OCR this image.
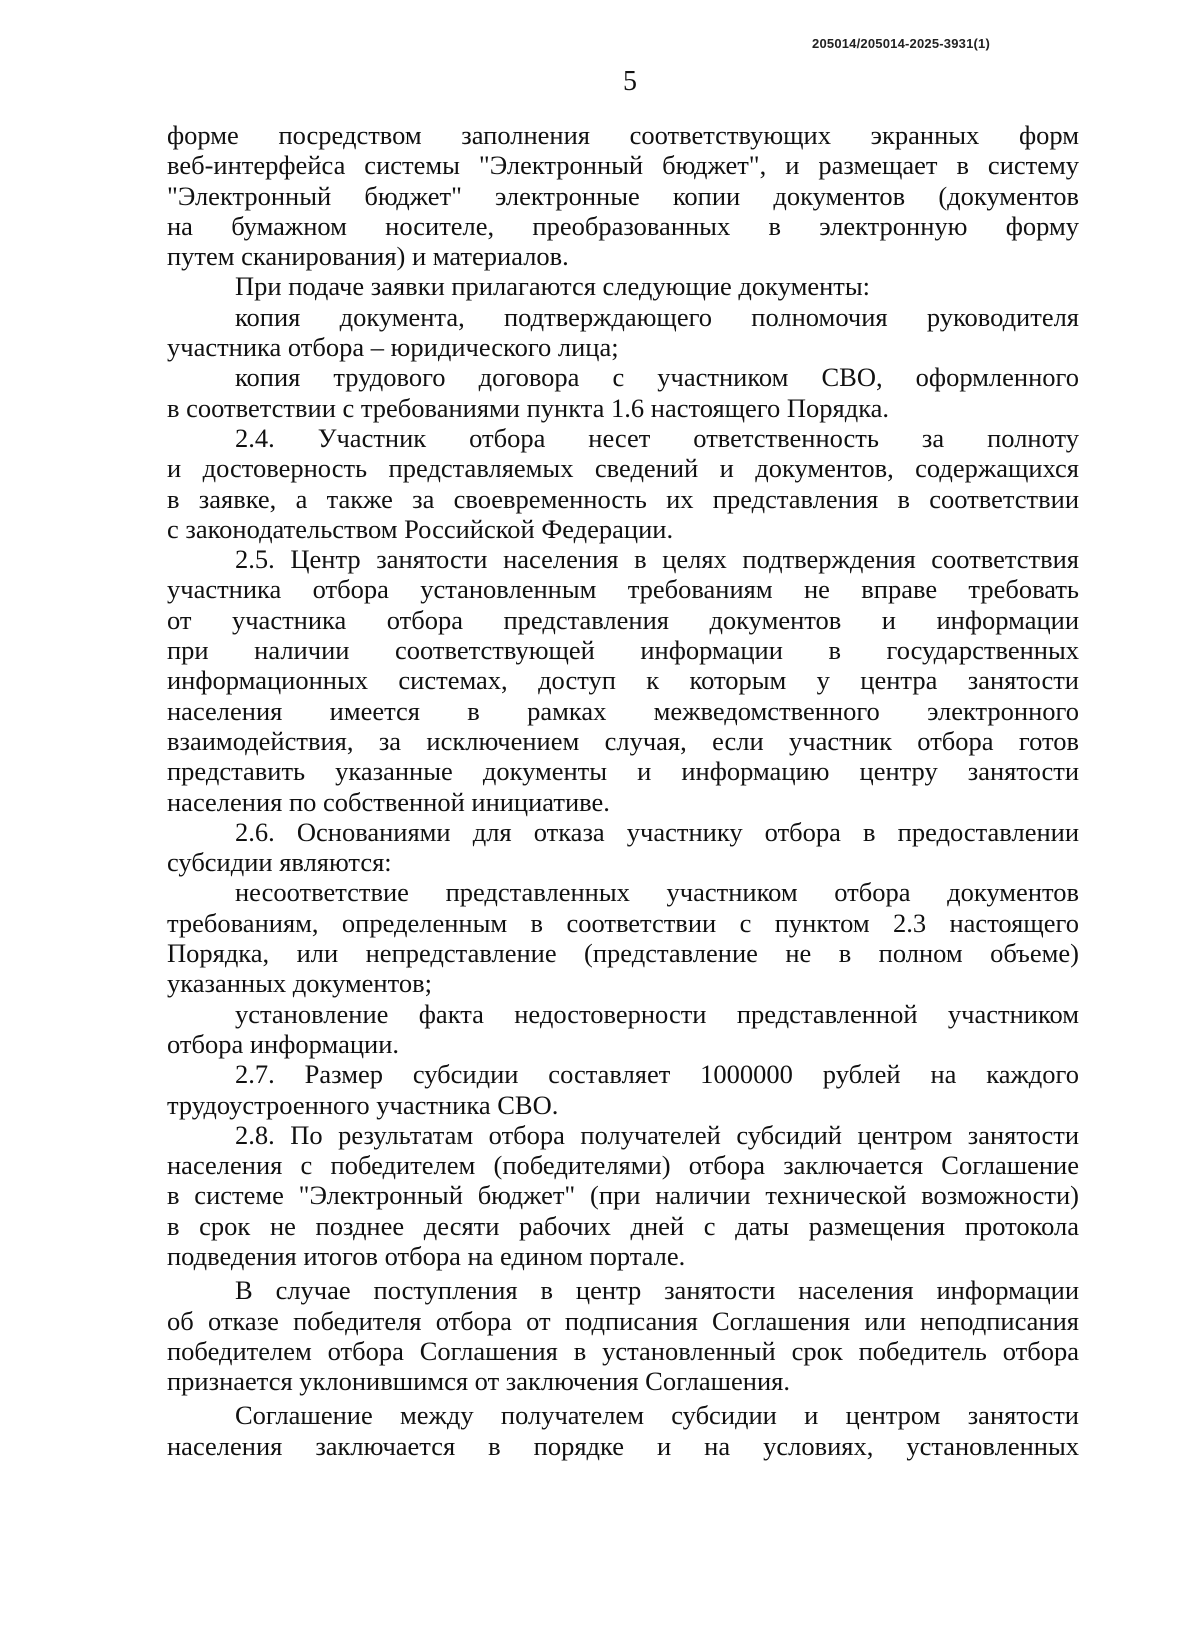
205014/205014-2025-3931(1)
5
форме посредством заполнения соответствующих экранных форм
веб-интерфейса системы "Электронный бюджет", и размещает в систему
"Электронный бюджет" электронные копии документов (документов
на бумажном носителе, преобразованных в электронную форму
путем сканирования) и материалов.
При подаче заявки прилагаются следующие документы:
копия документа, подтверждающего полномочия руководителя
участника отбора – юридического лица;
копия трудового договора с участником СВО, оформленного
в соответствии с требованиями пункта 1.6 настоящего Порядка.
2.4. Участник отбора несет ответственность за полноту
и достоверность представляемых сведений и документов, содержащихся
в заявке, а также за своевременность их представления в соответствии
с законодательством Российской Федерации.
2.5. Центр занятости населения в целях подтверждения соответствия
участника отбора установленным требованиям не вправе требовать
от участника отбора представления документов и информации
при наличии соответствующей информации в государственных
информационных системах, доступ к которым у центра занятости
населения имеется в рамках межведомственного электронного
взаимодействия, за исключением случая, если участник отбора готов
представить указанные документы и информацию центру занятости
населения по собственной инициативе.
2.6. Основаниями для отказа участнику отбора в предоставлении
субсидии являются:
несоответствие представленных участником отбора документов
требованиям, определенным в соответствии с пунктом 2.3 настоящего
Порядка, или непредставление (представление не в полном объеме)
указанных документов;
установление факта недостоверности представленной участником
отбора информации.
2.7. Размер субсидии составляет 1000000 рублей на каждого
трудоустроенного участника СВО.
2.8. По результатам отбора получателей субсидий центром занятости
населения с победителем (победителями) отбора заключается Соглашение
в системе "Электронный бюджет" (при наличии технической возможности)
в срок не позднее десяти рабочих дней с даты размещения протокола
подведения итогов отбора на едином портале.
В случае поступления в центр занятости населения информации
об отказе победителя отбора от подписания Соглашения или неподписания
победителем отбора Соглашения в установленный срок победитель отбора
признается уклонившимся от заключения Соглашения.
Соглашение между получателем субсидии и центром занятости
населения заключается в порядке и на условиях, установленных
